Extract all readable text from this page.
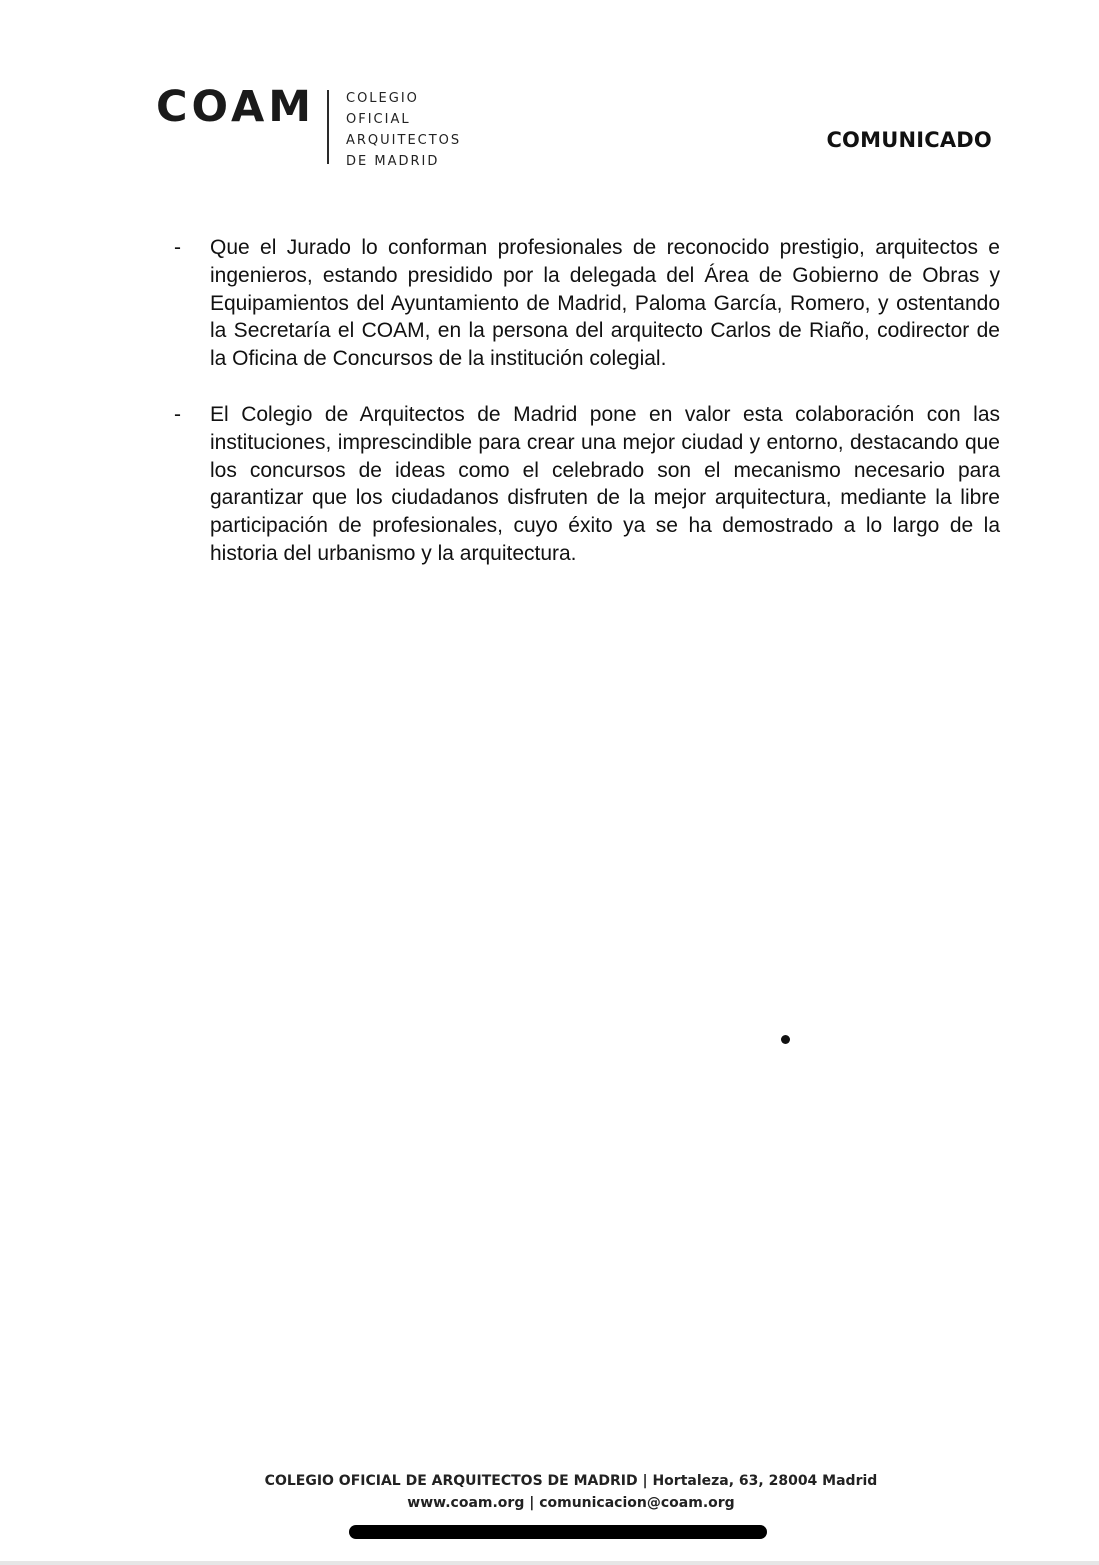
COAM COLEGIO
OFICIAL
ARQUITECTOS
DE MADRID
COMUNICADO
- Que el Jurado lo conforman profesionales de reconocido prestigio, arquitectos e ingenieros, estando presidido por la delegada del Área de Gobierno de Obras y Equipamientos del Ayuntamiento de Madrid, Paloma García, Romero, y ostentando la Secretaría el COAM, en la persona del arquitecto Carlos de Riaño, codirector de la Oficina de Concursos de la institución colegial.
- El Colegio de Arquitectos de Madrid pone en valor esta colaboración con las instituciones, imprescindible para crear una mejor ciudad y entorno, destacando que los concursos de ideas como el celebrado son el mecanismo necesario para garantizar que los ciudadanos disfruten de la mejor arquitectura, mediante la libre participación de profesionales, cuyo éxito ya se ha demostrado a lo largo de la historia del urbanismo y la arquitectura.
COLEGIO OFICIAL DE ARQUITECTOS DE MADRID | Hortaleza, 63, 28004 Madrid
www.coam.org | comunicacion@coam.org
